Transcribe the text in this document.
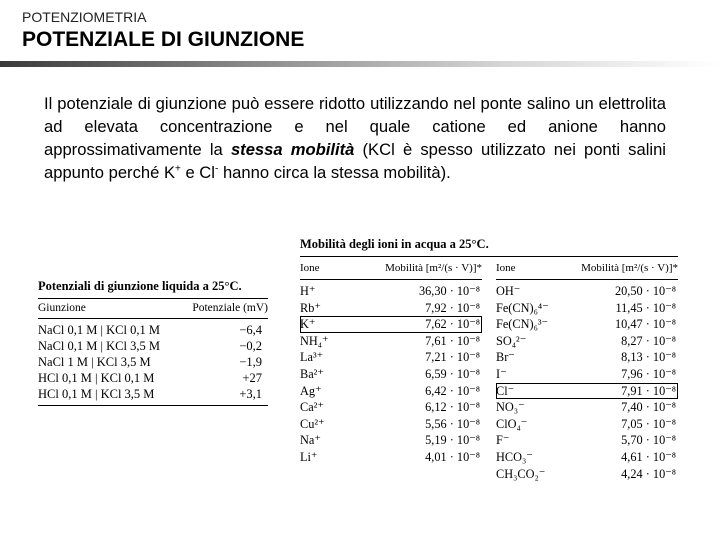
POTENZIOMETRIA
POTENZIALE DI GIUNZIONE

Il potenziale di giunzione può essere ridotto utilizzando nel ponte salino un elettrolita ad elevata concentrazione e nel quale catione ed anione hanno approssimativamente la stessa mobilità (KCl è spesso utilizzato nei ponti salini appunto perché K+ e Cl- hanno circa la stessa mobilità).

Potenziali di giunzione liquida a 25°C.
Giunzione	Potenziale (mV)
NaCl 0,1 M | KCl 0,1 M	−6,4
NaCl 0,1 M | KCl 3,5 M	−0,2
NaCl 1 M | KCl 3,5 M	−1,9
HCl 0,1 M | KCl 0,1 M	+27
HCl 0,1 M | KCl 3,5 M	+3,1
Mobilità degli ioni in acqua a 25°C.
Ione	Mobilità [m²/(s · V)]*
H⁺	36,30 · 10⁻⁸
Rb⁺	7,92 · 10⁻⁸
K⁺	7,62 · 10⁻⁸
NH₄⁺	7,61 · 10⁻⁸
La³⁺	7,21 · 10⁻⁸
Ba²⁺	6,59 · 10⁻⁸
Ag⁺	6,42 · 10⁻⁸
Ca²⁺	6,12 · 10⁻⁸
Cu²⁺	5,56 · 10⁻⁸
Na⁺	5,19 · 10⁻⁸
Li⁺	4,01 · 10⁻⁸
Ione	Mobilità [m²/(s · V)]*
OH⁻	20,50 · 10⁻⁸
Fe(CN)₆⁴⁻	11,45 · 10⁻⁸
Fe(CN)₆³⁻	10,47 · 10⁻⁸
SO₄²⁻	8,27 · 10⁻⁸
Br⁻	8,13 · 10⁻⁸
I⁻	7,96 · 10⁻⁸
Cl⁻	7,91 · 10⁻⁸
NO₃⁻	7,40 · 10⁻⁸
ClO₄⁻	7,05 · 10⁻⁸
F⁻	5,70 · 10⁻⁸
HCO₃⁻	4,61 · 10⁻⁸
CH₃CO₂⁻	4,24 · 10⁻⁸
